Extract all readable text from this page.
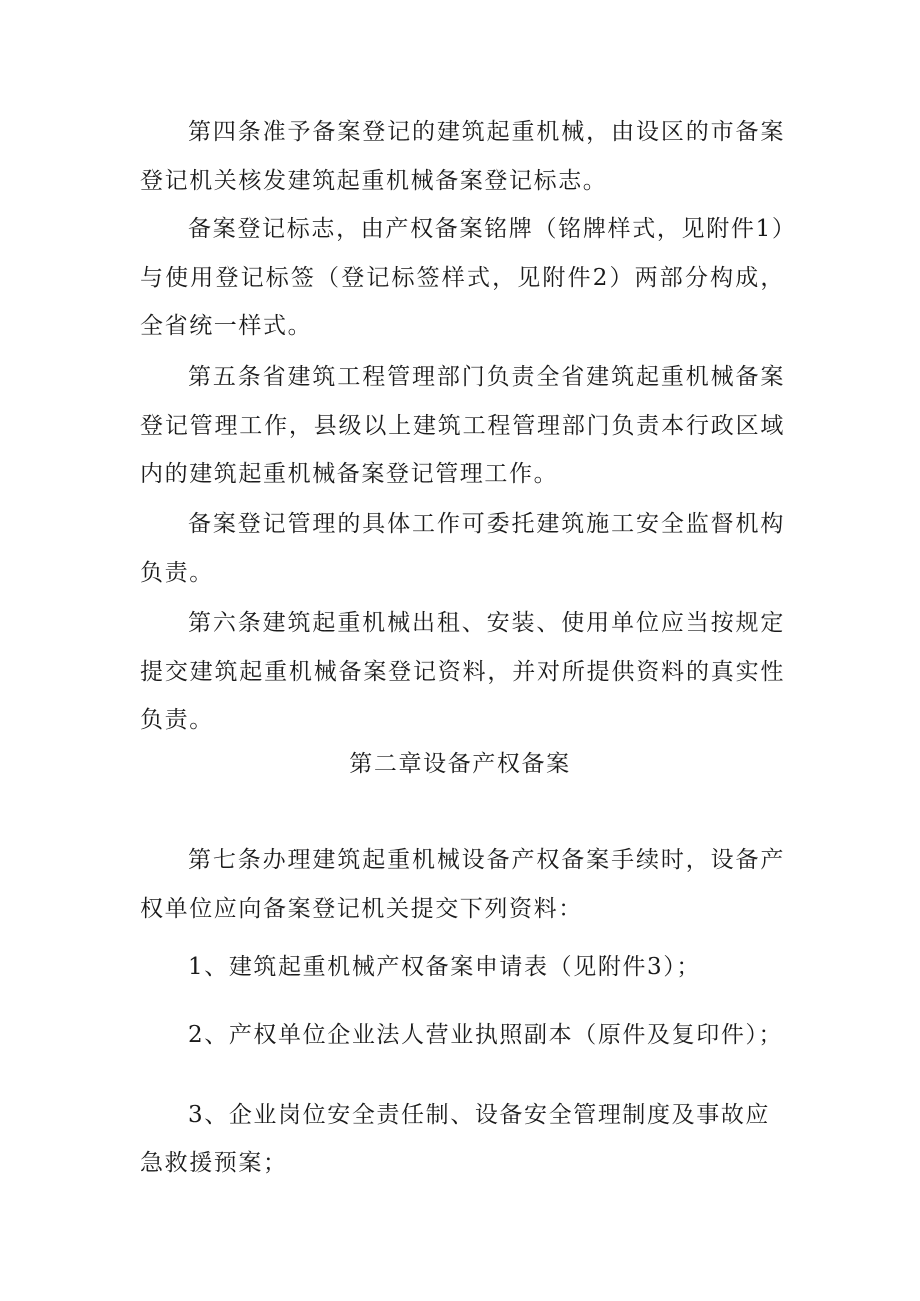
第四条准予备案登记的建筑起重机械，由设区的市备案登记机关核发建筑起重机械备案登记标志。

备案登记标志，由产权备案铭牌（铭牌样式，见附件1）与使用登记标签（登记标签样式，见附件2）两部分构成，全省统一样式。

第五条省建筑工程管理部门负责全省建筑起重机械备案登记管理工作，县级以上建筑工程管理部门负责本行政区域内的建筑起重机械备案登记管理工作。

备案登记管理的具体工作可委托建筑施工安全监督机构负责。

第六条建筑起重机械出租、安装、使用单位应当按规定提交建筑起重机械备案登记资料，并对所提供资料的真实性负责。

第二章设备产权备案

第七条办理建筑起重机械设备产权备案手续时，设备产权单位应向备案登记机关提交下列资料：

1、建筑起重机械产权备案申请表（见附件3）；

2、产权单位企业法人营业执照副本（原件及复印件）；

3、企业岗位安全责任制、设备安全管理制度及事故应
急救援预案；
